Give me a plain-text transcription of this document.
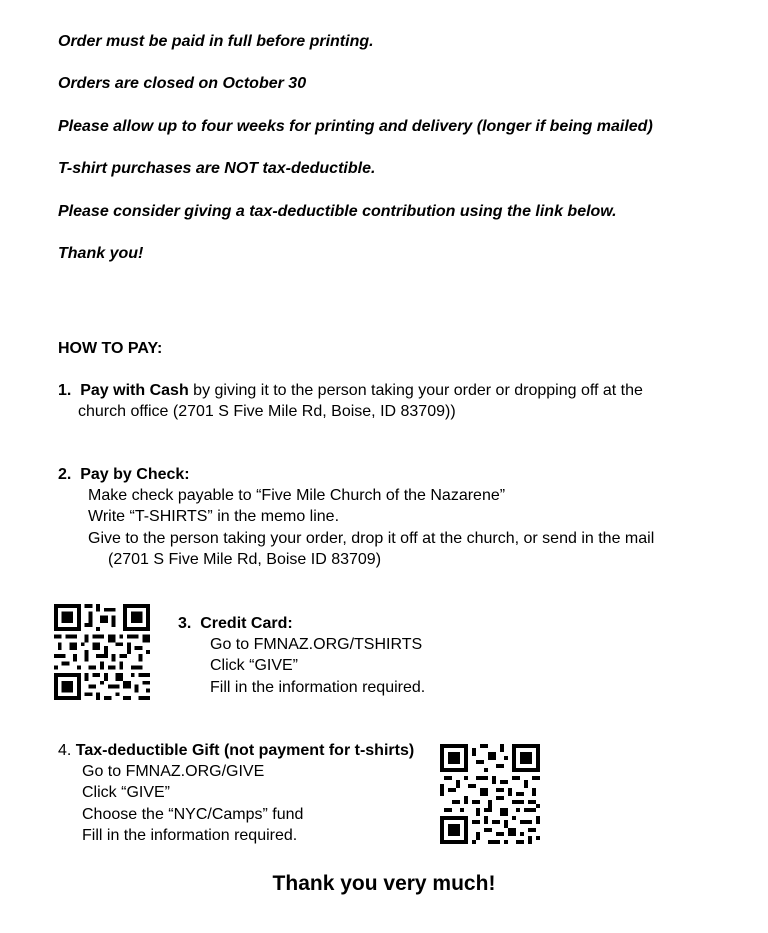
Order must be paid in full before printing.
Orders are closed on October 30
Please allow up to four weeks for printing and delivery (longer if being mailed)
T-shirt purchases are NOT tax-deductible.
Please consider giving a tax-deductible contribution using the link below.
Thank you!
HOW TO PAY:
1. Pay with Cash by giving it to the person taking your order or dropping off at the
church office (2701 S Five Mile Rd, Boise, ID 83709))
2. Pay by Check:
Make check payable to “Five Mile Church of the Nazarene”
Write “T-SHIRTS” in the memo line.
Give to the person taking your order, drop it off at the church, or send in the mail
(2701 S Five Mile Rd, Boise ID 83709)
3. Credit Card:
Go to FMNAZ.ORG/TSHIRTS
Click “GIVE”
Fill in the information required.
4. Tax-deductible Gift (not payment for t-shirts)
Go to FMNAZ.ORG/GIVE
Click “GIVE”
Choose the “NYC/Camps” fund
Fill in the information required.
Thank you very much!
